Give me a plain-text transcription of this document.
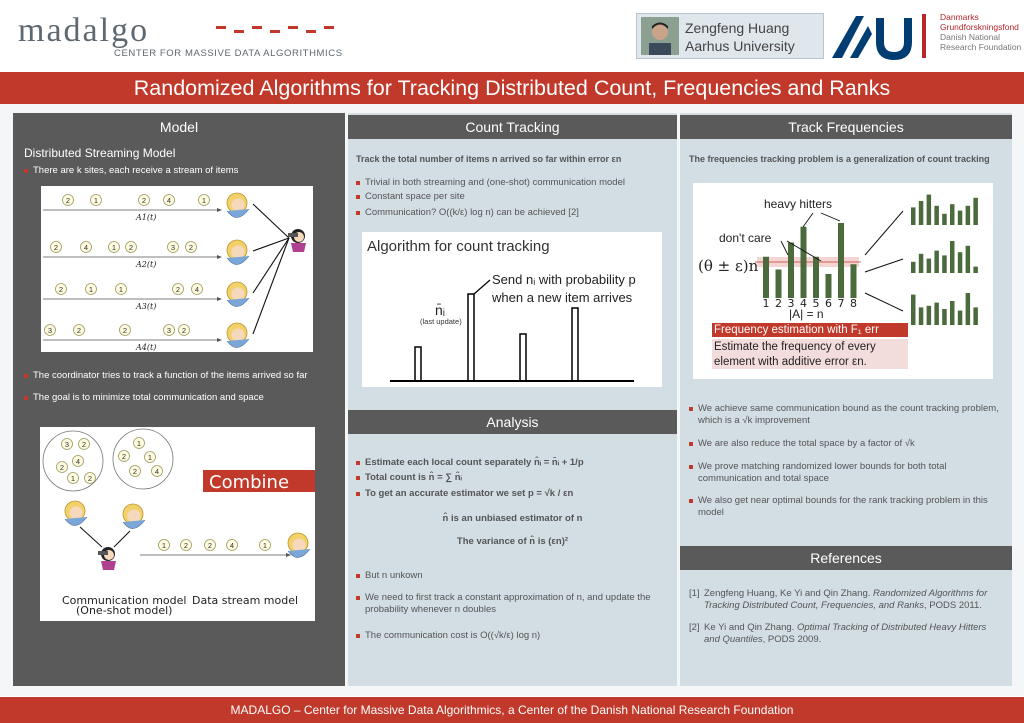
madalgo
CENTER FOR MASSIVE DATA ALGORITHMICS
Zengfeng Huang
Aarhus University
Danmarks
Grundforskningsfond
Danish National
Research Foundation
Randomized Algorithms for Tracking Distributed Count, Frequencies and Ranks
Model
Distributed Streaming Model
There are k sites, each receive a stream of items
2	1	2	4	1
A1(t)
2	4	1 2	3 2
A2(t)
2	1	1	2 4
A3(t)
3	2	2	3 2
A4(t)
The coordinator tries to track a function of the items arrived so far
The goal is to minimize total communication and space
3 2
4
2
1 2
1
2	1
2 4
Combine
1 2	2 4	1
Communication model
(One-shot model)
Data stream model
Count Tracking
Track the total number of items n arrived so far within error εn
Trivial in both streaming and (one-shot) communication model
Constant space per site
Communication? O((k/ε) log n) can be achieved [2]
Algorithm for count tracking
Send nᵢ with probability p
when a new item arrives
n̄ᵢ
(last update)
Analysis
Estimate each local count separately n̂ᵢ = n̄ᵢ + 1/p
Total count is n̂ = ∑ n̂ᵢ
To get an accurate estimator we set p = √k / εn
n̂ is an unbiased estimator of n
The variance of n̂ is (εn)²
But n unkown
We need to first track a constant approximation of n, and update the probability whenever n doubles
The communication cost is O((√k/ε) log n)
Track Frequencies
The frequencies tracking problem is a generalization of count tracking
1 2 3 4 5 6 7 8
heavy hitters
don't care
(θ ± ε)n
|A| = n
Frequency estimation with F₁ err
Estimate the frequency of every
element with additive error εn.
We achieve same communication bound as the count tracking problem, which is a √k improvement
We are also reduce the total space by a factor of √k
We prove matching randomized lower bounds for both total communication and total space
We also get near optimal bounds for the rank tracking problem in this model
References
[1] Zengfeng Huang, Ke Yi and Qin Zhang. Randomized Algorithms for Tracking Distributed Count, Frequencies, and Ranks, PODS 2011.
[2] Ke Yi and Qin Zhang. Optimal Tracking of Distributed Heavy Hitters and Quantiles, PODS 2009.
MADALGO – Center for Massive Data Algorithmics, a Center of the Danish National Research Foundation
